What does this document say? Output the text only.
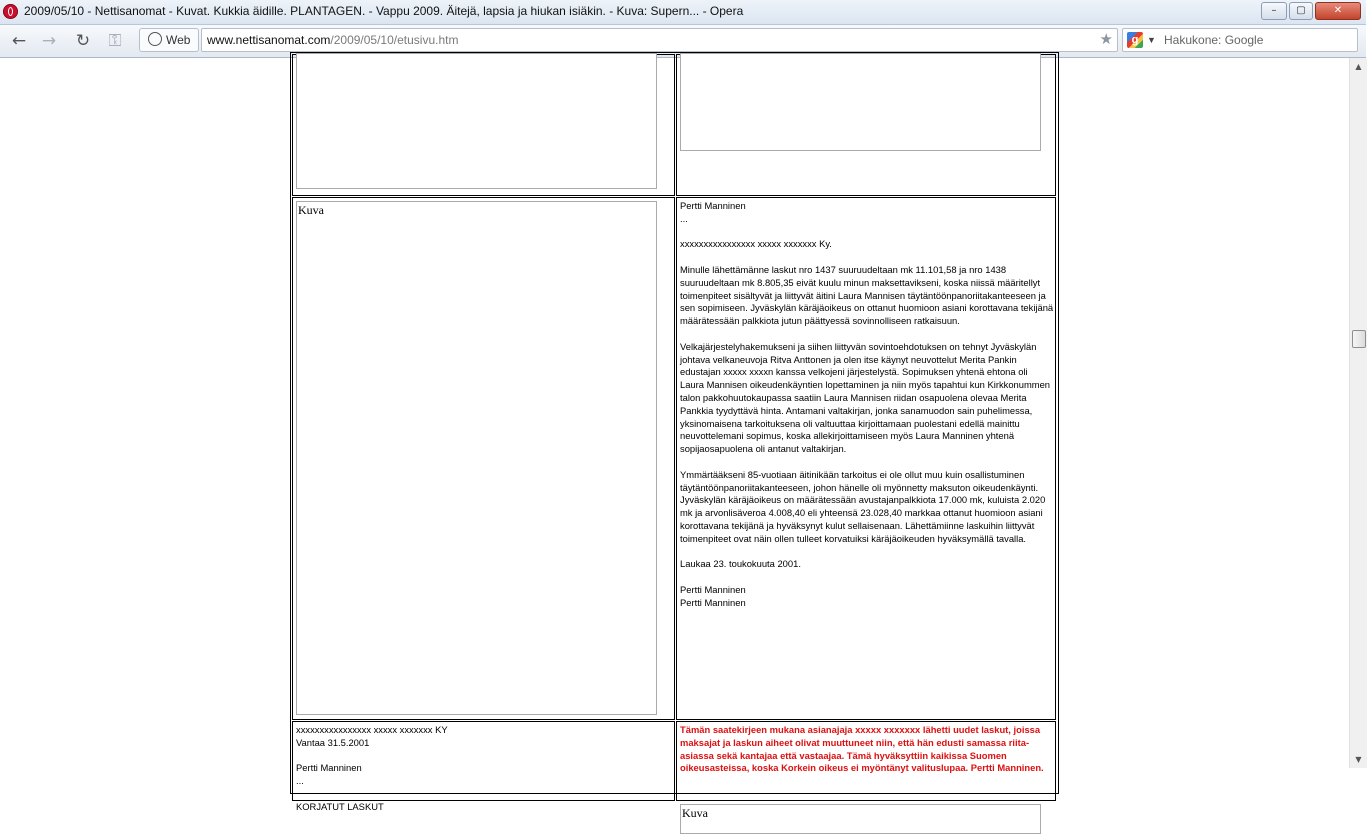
2009/05/10 - Nettisanomat - Kuvat. Kukkia äidille. PLANTAGEN. - Vappu 2009. Äitejä, lapsia ja hiukan isiäkin. - Kuva: Supern... - Opera	–	▢	✕
← → ↻ ⚿	Web	www.nettisanomat.com/2009/05/10/etusivu.htm	★	g ▼ Hakukone: Google
Kuva	Pertti Manninen

...

xxxxxxxxxxxxxxxx xxxxx xxxxxxx Ky.

Minulle lähettämänne laskut nro 1437 suuruudeltaan mk 11.101,58 ja nro 1438 suuruudeltaan mk 8.805,35 eivät kuulu minun maksettavikseni, koska niissä määritellyt toimenpiteet sisältyvät ja liittyvät äitini Laura Mannisen täytäntöönpanoriitakanteeseen ja sen sopimiseen. Jyväskylän käräjäoikeus on ottanut huomioon asiani korottavana tekijänä määrätessään palkkiota jutun päättyessä sovinnolliseen ratkaisuun.

Velkajärjestelyhakemukseni ja siihen liittyvän sovintoehdotuksen on tehnyt Jyväskylän johtava velkaneuvoja Ritva Anttonen ja olen itse käynyt neuvottelut Merita Pankin edustajan xxxxx xxxxn kanssa velkojeni järjestelystä. Sopimuksen yhtenä ehtona oli Laura Mannisen oikeudenkäyntien lopettaminen ja niin myös tapahtui kun Kirkkonummen talon pakkohuutokaupassa saatiin Laura Mannisen riidan osapuolena olevaa Merita Pankkia tyydyttävä hinta. Antamani valtakirjan, jonka sanamuodon sain puhelimessa, yksinomaisena tarkoituksena oli valtuuttaa kirjoittamaan puolestani edellä mainittu neuvottelemani sopimus, koska allekirjoittamiseen myös Laura Manninen yhtenä sopijaosapuolena oli antanut valtakirjan.

Ymmärtääkseni 85-vuotiaan äitinikään tarkoitus ei ole ollut muu kuin osallistuminen täytäntöönpanoriitakanteeseen, johon hänelle oli myönnetty maksuton oikeudenkäynti. Jyväskylän käräjäoikeus on määrätessään avustajanpalkkiota 17.000 mk, kuluista 2.020 mk ja arvonlisäveroa 4.008,40 eli yhteensä 23.028,40 markkaa ottanut huomioon asiani korottavana tekijänä ja hyväksynyt kulut sellaisenaan. Lähettämiinne laskuihin liittyvät toimenpiteet ovat näin ollen tulleet korvatuiksi käräjäoikeuden hyväksymällä tavalla.

Laukaa 23. toukokuuta 2001.

Pertti Manninen
Pertti Manninen
xxxxxxxxxxxxxxxx xxxxx xxxxxxx KY

Vantaa 31.5.2001

Pertti Manninen

...

KORJATUT LASKUT
Tämän saatekirjeen mukana asianajaja xxxxx xxxxxxx lähetti uudet laskut, joissa maksajat ja laskun aiheet olivat muuttuneet niin, että hän edusti samassa riita-asiassa sekä kantajaa että vastaajaa. Tämä hyväksyttiin kaikissa Suomen oikeusasteissa, koska Korkein oikeus ei myöntänyt valituslupaa. Pertti Manninen.
Kuva
▲
▼
